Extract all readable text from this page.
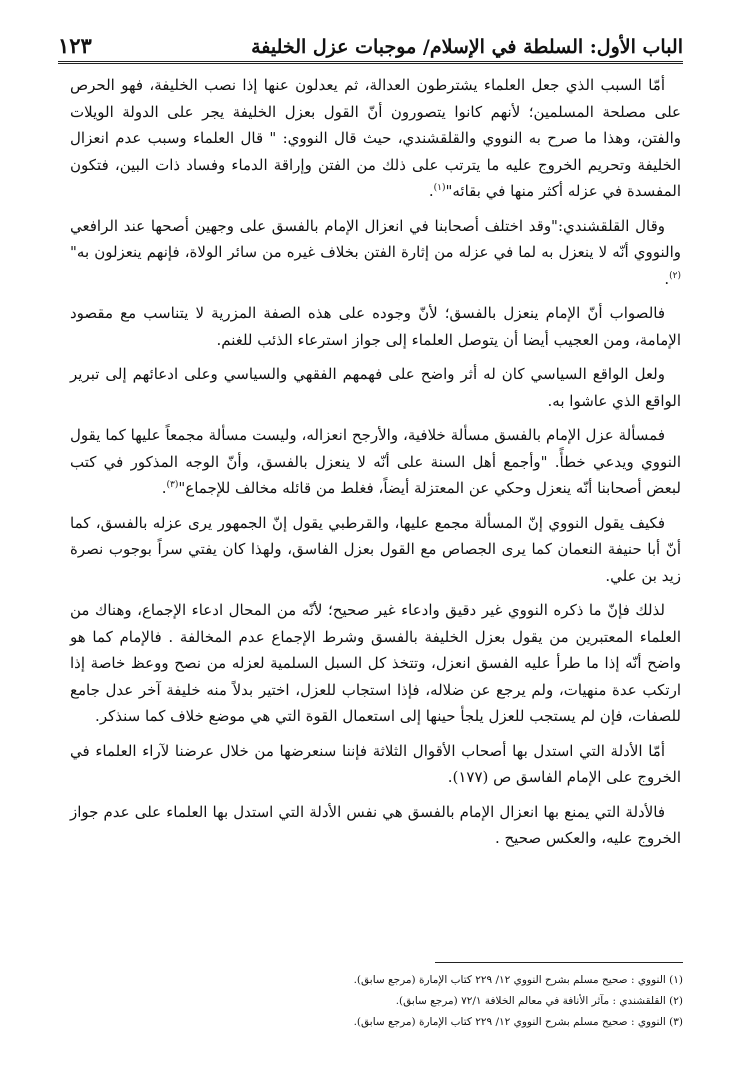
الباب الأول: السلطة في الإسلام/ موجبات عزل الخليفة
١٢٣

أمّا السبب الذي جعل العلماء يشترطون العدالة، ثم يعدلون عنها إذا نصب الخليفة، فهو الحرص على مصلحة المسلمين؛ لأنهم كانوا يتصورون أنّ القول بعزل الخليفة يجر على الدولة الويلات والفتن، وهذا ما صرح به النووي والقلقشندي، حيث قال النووي: " قال العلماء وسبب عدم انعزال الخليفة وتحريم الخروج عليه ما يترتب على ذلك من الفتن وإراقة الدماء وفساد ذات البين، فتكون المفسدة في عزله أكثر منها في بقائه"$^{(١)}$.

وقال القلقشندي:"وقد اختلف أصحابنا في انعزال الإمام بالفسق على وجهين أصحها عند الرافعي والنووي أنّه لا ينعزل به لما في عزله من إثارة الفتن بخلاف غيره من سائر الولاة، فإنهم ينعزلون به"$^{(٢)}$.

فالصواب أنّ الإمام ينعزل بالفسق؛ لأنّ وجوده على هذه الصفة المزرية لا يتناسب مع مقصود الإمامة، ومن العجيب أيضا أن يتوصل العلماء إلى جواز استرعاء الذئب للغنم.

ولعل الواقع السياسي كان له أثر واضح على فهمهم الفقهي والسياسي وعلى ادعائهم إلى تبرير الواقع الذي عاشوا به.

فمسألة عزل الإمام بالفسق مسألة خلافية، والأرجح انعزاله، وليست مسألة مجمعاً عليها كما يقول النووي ويدعي خطأً. "وأجمع أهل السنة على أنّه لا ينعزل بالفسق، وأنّ الوجه المذكور في كتب لبعض أصحابنا أنّه ينعزل وحكي عن المعتزلة أيضاً، فغلط من قائله مخالف للإجماع"$^{(٣)}$.

فكيف يقول النووي إنّ المسألة مجمع عليها، والقرطبي يقول إنّ الجمهور يرى عزله بالفسق، كما أنّ أبا حنيفة النعمان كما يرى الجصاص مع القول بعزل الفاسق، ولهذا كان يفتي سراً بوجوب نصرة زيد بن علي.

لذلك فإنّ ما ذكره النووي غير دقيق وادعاء غير صحيح؛ لأنّه من المحال ادعاء الإجماع، وهناك من العلماء المعتبرين من يقول بعزل الخليفة بالفسق وشرط الإجماع عدم المخالفة . فالإمام كما هو واضح أنّه إذا ما طرأ عليه الفسق انعزل، وتتخذ كل السبل السلمية لعزله من نصح ووعظ خاصة إذا ارتكب عدة منهيات، ولم يرجع عن ضلاله، فإذا استجاب للعزل، اختير بدلاً منه خليفة آخر عدل جامع للصفات، فإن لم يستجب للعزل يلجأ حينها إلى استعمال القوة التي هي موضع خلاف كما سنذكر.

أمّا الأدلة التي استدل بها أصحاب الأقوال الثلاثة فإننا سنعرضها من خلال عرضنا لآراء العلماء في الخروج على الإمام الفاسق ص (١٧٧).

فالأدلة التي يمنع بها انعزال الإمام بالفسق هي نفس الأدلة التي استدل بها العلماء على عدم جواز الخروج عليه، والعكس صحيح .

(١) النووي : صحيح مسلم بشرح النووي ١٢/ ٢٢٩ كتاب الإمارة (مرجع سابق).
(٢) القلقشندي : مآثر الأنافة في معالم الخلافة ٧٢/١ (مرجع سابق).
(٣) النووي : صحيح مسلم بشرح النووي ١٢/ ٢٢٩ كتاب الإمارة (مرجع سابق).
